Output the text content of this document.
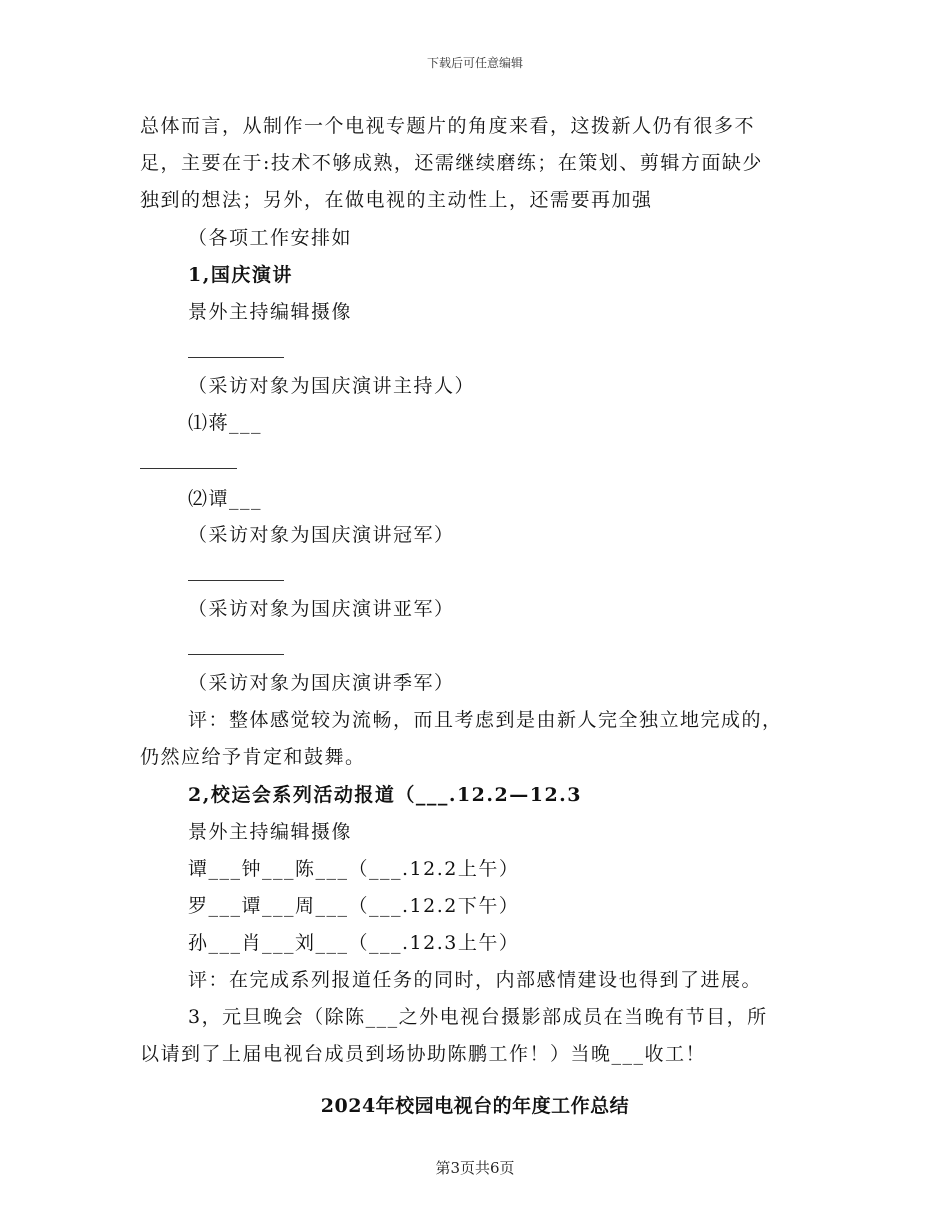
下载后可任意编辑
总体而言，从制作一个电视专题片的角度来看，这拨新人仍有很多不
足，主要在于:技术不够成熟，还需继续磨练；在策划、剪辑方面缺少
独到的想法；另外，在做电视的主动性上，还需要再加强
（各项工作安排如
1,国庆演讲
景外主持编辑摄像
（采访对象为国庆演讲主持人）
⑴蒋___
⑵谭___
（采访对象为国庆演讲冠军）
（采访对象为国庆演讲亚军）
（采访对象为国庆演讲季军）
评：整体感觉较为流畅，而且考虑到是由新人完全独立地完成的，
仍然应给予肯定和鼓舞。
2,校运会系列活动报道（___.12.2—12.3
景外主持编辑摄像
谭___钟___陈___（___.12.2上午）
罗___谭___周___（___.12.2下午）
孙___肖___刘___（___.12.3上午）
评：在完成系列报道任务的同时，内部感情建设也得到了进展。
3，元旦晚会（除陈___之外电视台摄影部成员在当晚有节目，所
以请到了上届电视台成员到场协助陈鹏工作！）当晚___收工！
2024年校园电视台的年度工作总结
第3页共6页
